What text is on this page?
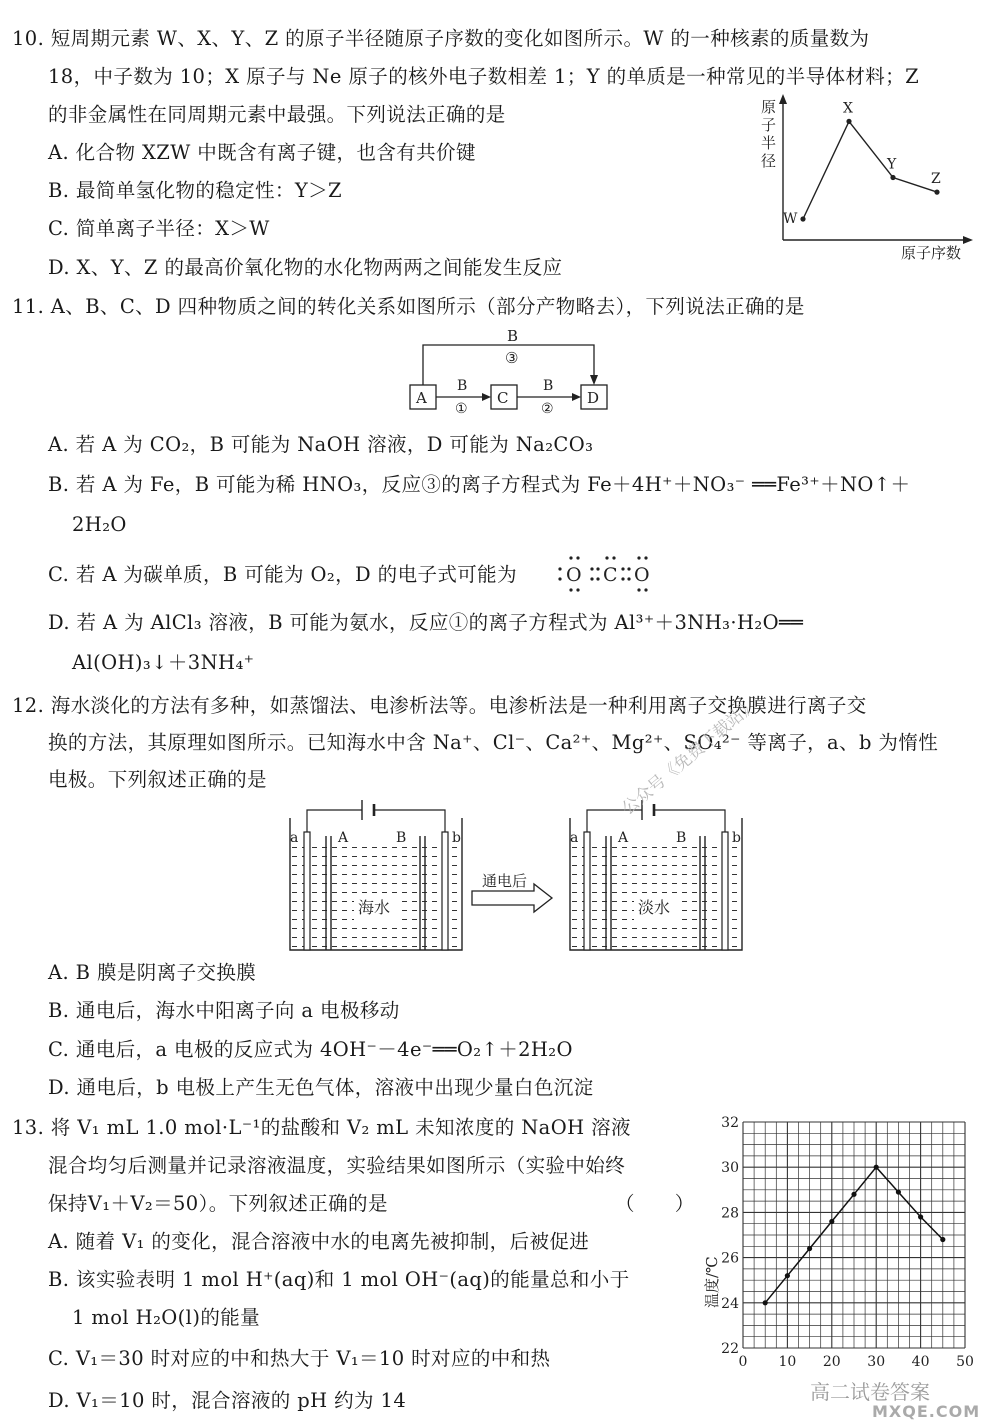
10. 短周期元素 W、X、Y、Z 的原子半径随原子序数的变化如图所示。W 的一种核素的质量数为
18，中子数为 10；X 原子与 Ne 原子的核外电子数相差 1；Y 的单质是一种常见的半导体材料；Z
的非金属性在同周期元素中最强。下列说法正确的是
A. 化合物 XZW 中既含有离子键，也含有共价键
B. 最简单氢化物的稳定性：Y＞Z
C. 简单离子半径：X＞W
D. X、Y、Z 的最高价氧化物的水化物两两之间能发生反应
原
子
半
径
原子序数
W
X
Y
Z
11. A、B、C、D 四种物质之间的转化关系如图所示（部分产物略去），下列说法正确的是
B
③
A
B
①
C
B
②
D
A. 若 A 为 CO₂，B 可能为 NaOH 溶液，D 可能为 Na₂CO₃
B. 若 A 为 Fe，B 可能为稀 HNO₃，反应③的离子方程式为 Fe＋4H⁺＋NO₃⁻ ══Fe³⁺＋NO↑＋
2H₂O
C. 若 A 为碳单质，B 可能为 O₂，D 的电子式可能为	O C O
D. 若 A 为 AlCl₃ 溶液，B 可能为氨水，反应①的离子方程式为 Al³⁺＋3NH₃·H₂O══
Al(OH)₃↓＋3NH₄⁺
12. 海水淡化的方法有多种，如蒸馏法、电渗析法等。电渗析法是一种利用离子交换膜进行离子交
换的方法，其原理如图所示。已知海水中含 Na⁺、Cl⁻、Ca²⁺、Mg²⁺、SO₄²⁻ 等离子，a、b 为惰性
电极。下列叙述正确的是
a	A	B	b
海水
通电后
a	A	B	b
淡水
公众号《免费下载站》
A. B 膜是阴离子交换膜
B. 通电后，海水中阳离子向 a 电极移动
C. 通电后，a 电极的反应式为 4OH⁻－4e⁻══O₂↑＋2H₂O
D. 通电后，b 电极上产生无色气体，溶液中出现少量白色沉淀
13. 将 V₁ mL 1.0 mol·L⁻¹的盐酸和 V₂ mL 未知浓度的 NaOH 溶液
混合均匀后测量并记录溶液温度，实验结果如图所示（实验中始终
保持V₁＋V₂＝50）。下列叙述正确的是	（　　）
A. 随着 V₁ 的变化，混合溶液中水的电离先被抑制，后被促进
B. 该实验表明 1 mol H⁺(aq)和 1 mol OH⁻(aq)的能量总和小于
1 mol H₂O(l)的能量
C. V₁＝30 时对应的中和热大于 V₁＝10 时对应的中和热
D. V₁＝10 时，混合溶液的 pH 约为 14
22
24
26
28
30
32
0 10 20 30 40 50
温度/℃
高二试卷答案
MXQE.COM
